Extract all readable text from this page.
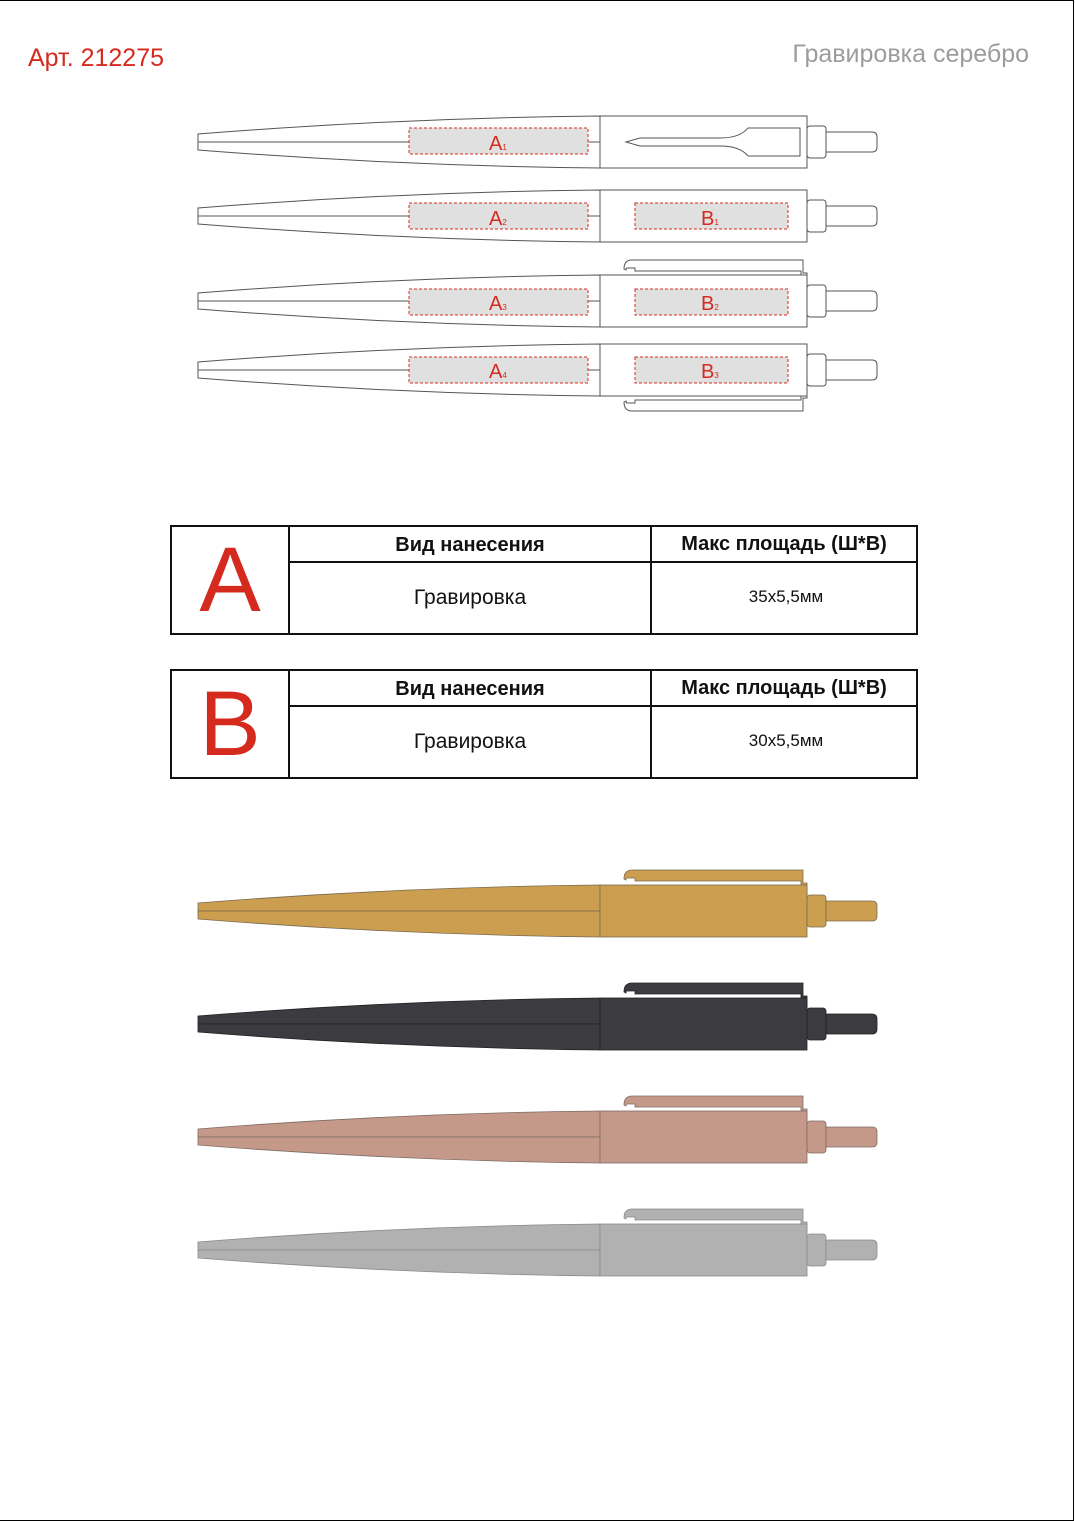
Арт. 212275	Гравировка серебро
A1
A2	B1
A3	B2
A4	B3
A	Вид нанесения	Макс площадь (Ш*В)
Гравировка	35x5,5мм
B	Вид нанесения	Макс площадь (Ш*В)
Гравировка	30x5,5мм
